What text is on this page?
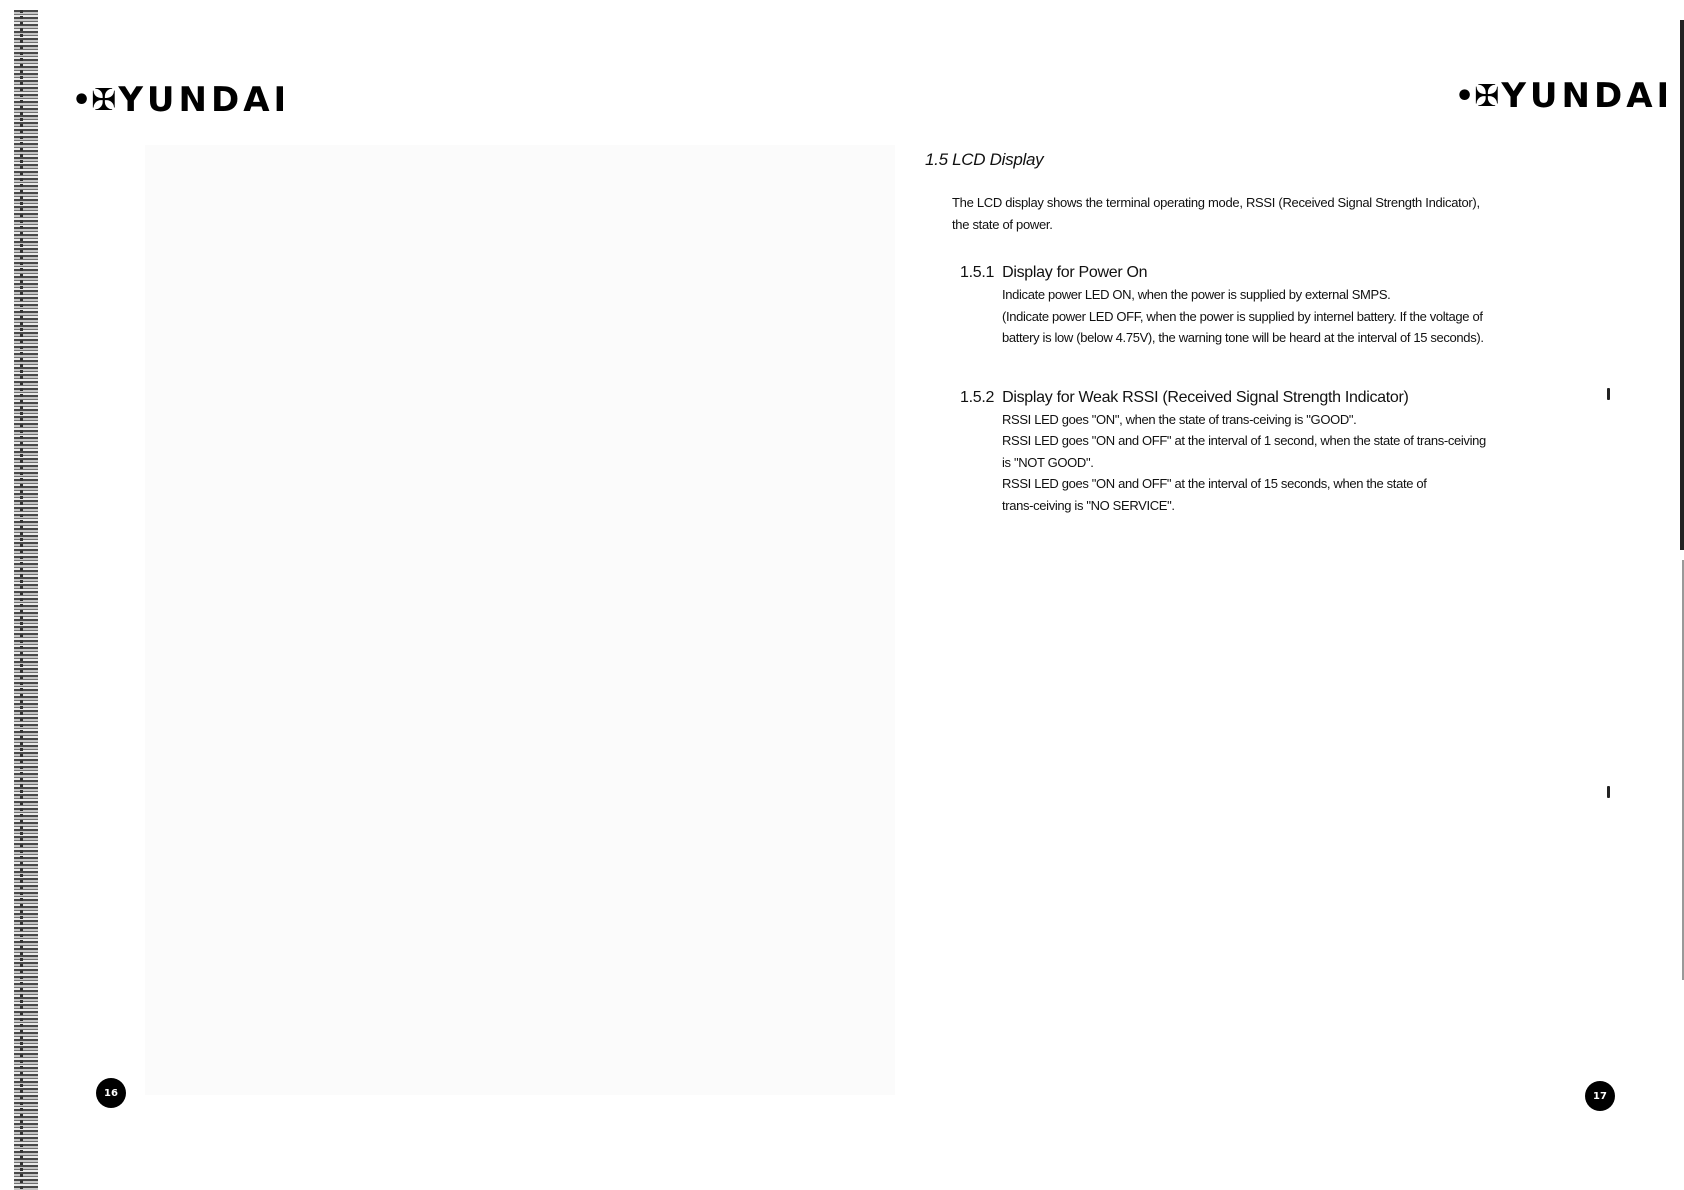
•✠ YUNDAI
16
•✠ YUNDAI
1.5 LCD Display
The LCD display shows the terminal operating mode, RSSI (Received Signal Strength Indicator),
the state of power.
1.5.1 Display for Power On

Indicate power LED ON, when the power is supplied by external SMPS.

(Indicate power LED OFF, when the power is supplied by internel battery. If the voltage of

battery is low (below 4.75V), the warning tone will be heard at the interval of 15 seconds).

1.5.2 Display for Weak RSSI (Received Signal Strength Indicator)

RSSI LED goes "ON", when the state of trans-ceiving is "GOOD".

RSSI LED goes "ON and OFF" at the interval of 1 second, when the state of trans-ceiving

is "NOT GOOD".

RSSI LED goes "ON and OFF" at the interval of 15 seconds, when the state of

trans-ceiving is "NO SERVICE".

17
